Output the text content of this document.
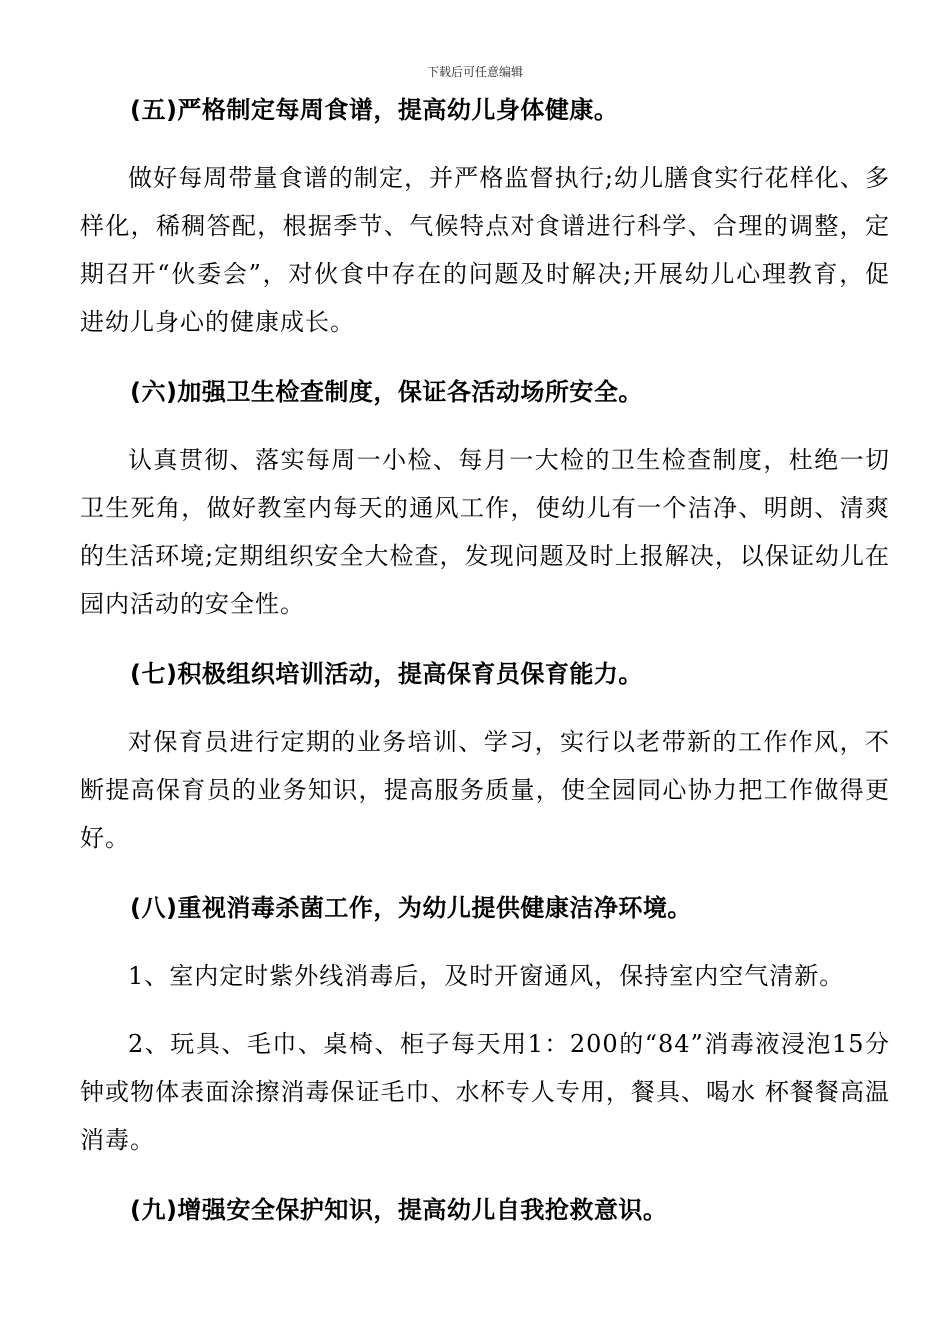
下载后可任意编辑
(五)严格制定每周食谱，提高幼儿身体健康。

做好每周带量食谱的制定，并严格监督执行;幼儿膳食实行花样化、多样化，稀稠答配，根据季节、气候特点对食谱进行科学、合理的调整，定期召开“伙委会”，对伙食中存在的问题及时解决;开展幼儿心理教育，促进幼儿身心的健康成长。

(六)加强卫生检查制度，保证各活动场所安全。

认真贯彻、落实每周一小检、每月一大检的卫生检查制度，杜绝一切卫生死角，做好教室内每天的通风工作，使幼儿有一个洁净、明朗、清爽的生活环境;定期组织安全大检查，发现问题及时上报解决，以保证幼儿在园内活动的安全性。

(七)积极组织培训活动，提高保育员保育能力。

对保育员进行定期的业务培训、学习，实行以老带新的工作作风，不断提高保育员的业务知识，提高服务质量，使全园同心协力把工作做得更好。

(八)重视消毒杀菌工作，为幼儿提供健康洁净环境。

1、室内定时紫外线消毒后，及时开窗通风，保持室内空气清新。

2、玩具、毛巾、桌椅、柜子每天用1：200的“84”消毒液浸泡15分钟或物体表面涂擦消毒保证毛巾、水杯专人专用，餐具、喝水 杯餐餐高温消毒。

(九)增强安全保护知识，提高幼儿自我抢救意识。
